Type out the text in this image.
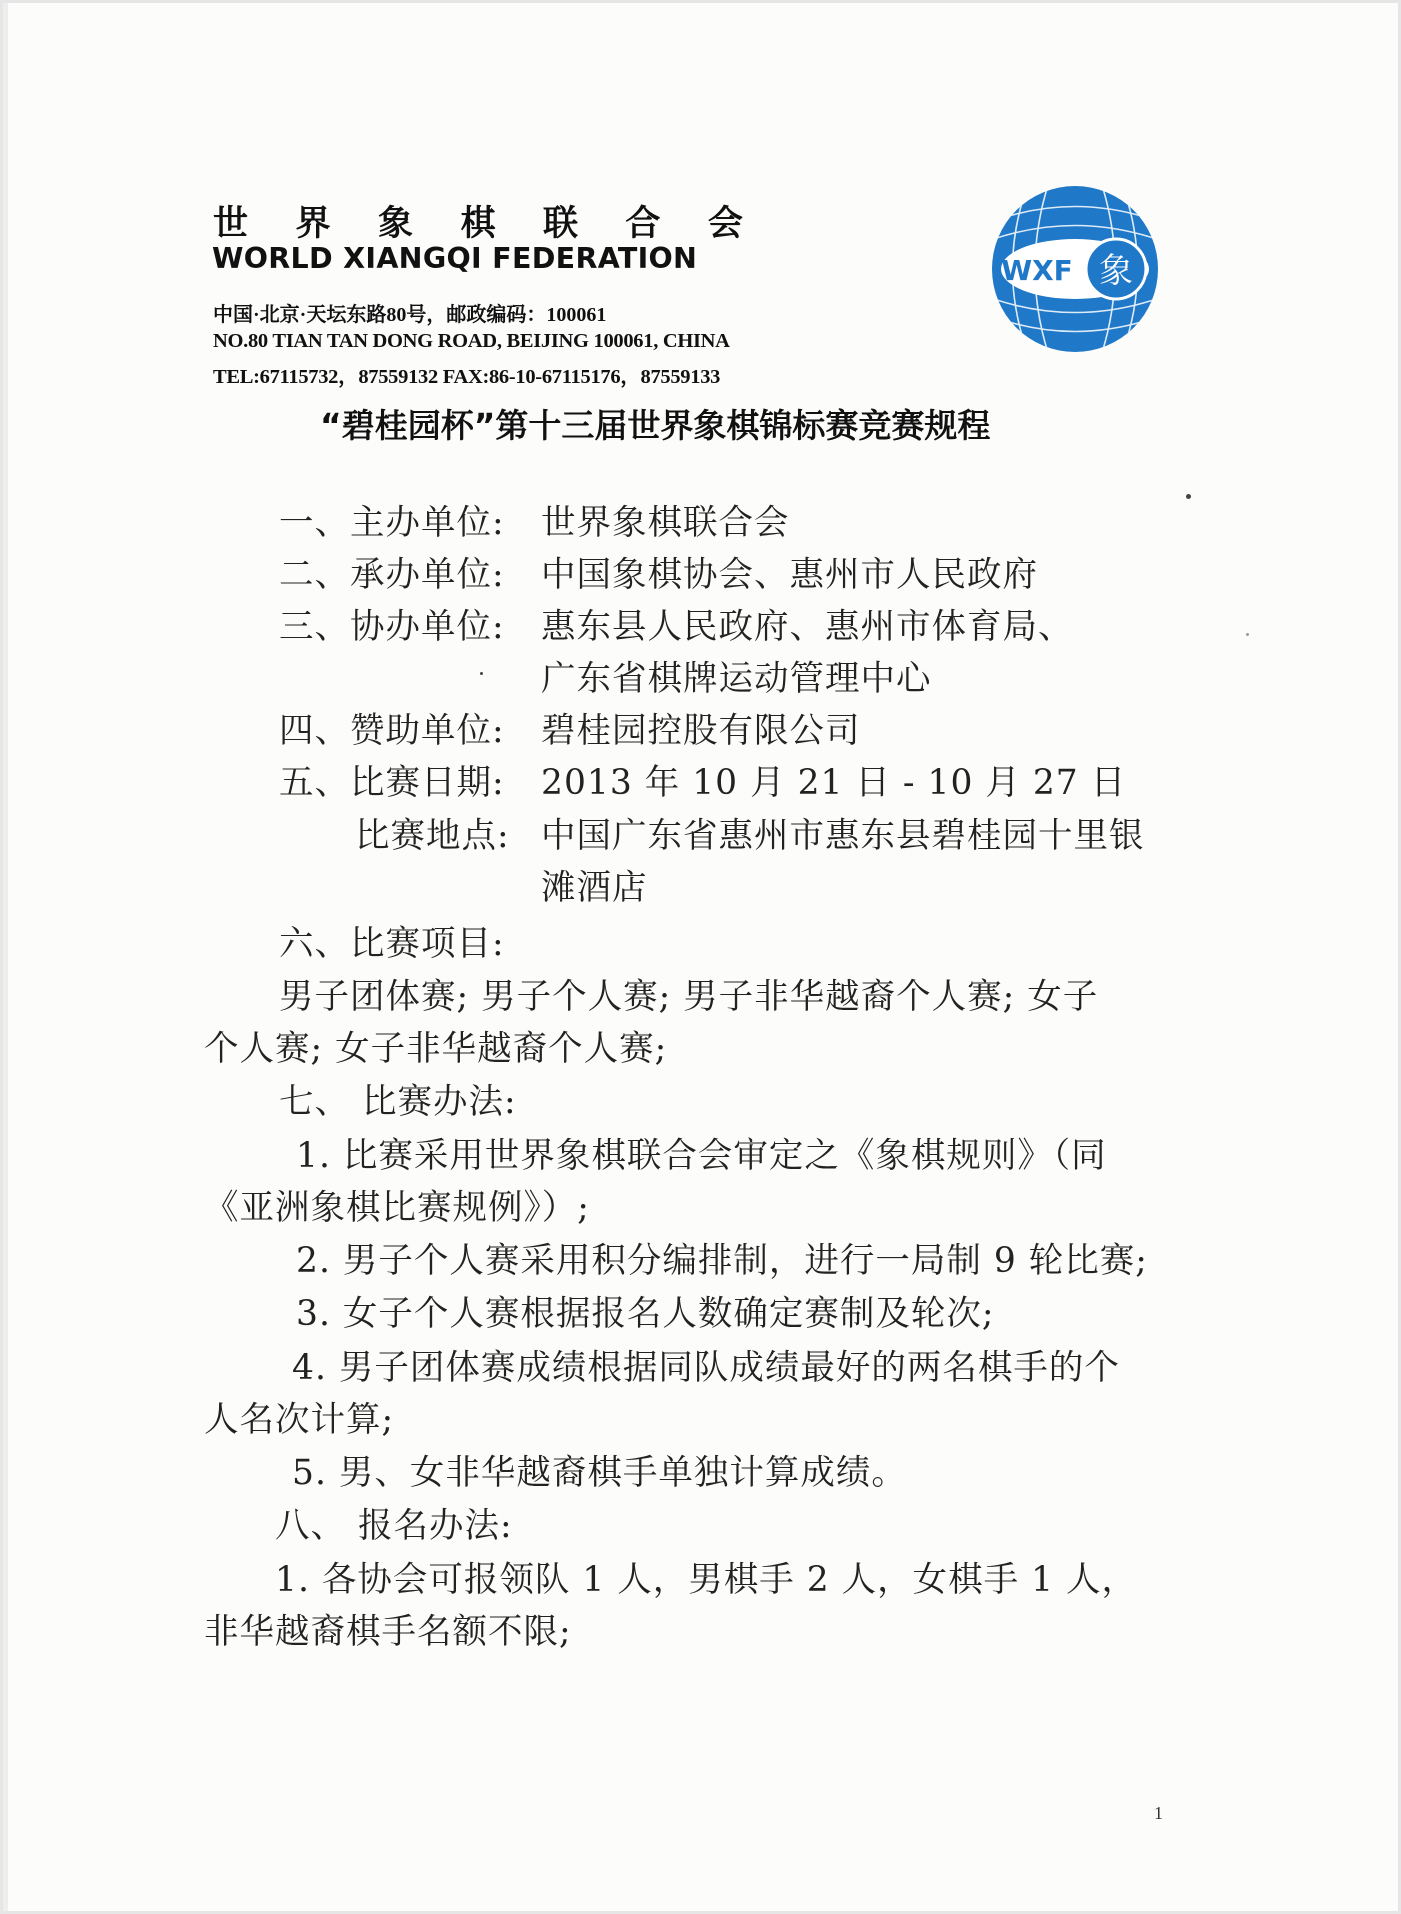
世 界 象 棋 联 合 会
WORLD XIANGQI FEDERATION
中国·北京·天坛东路80号，邮政编码：100061
NO.80 TIAN TAN DONG ROAD, BEIJING 100061, CHINA
TEL:67115732，87559132 FAX:86-10-67115176，87559133
WXF 象
“碧桂园杯”第十三届世界象棋锦标赛竞赛规程
一、主办单位: 世界象棋联合会
二、承办单位: 中国象棋协会、惠州市人民政府
三、协办单位: 惠东县人民政府、惠州市体育局、
广东省棋牌运动管理中心
四、赞助单位: 碧桂园控股有限公司
五、比赛日期: 2013 年 10 月 21 日 - 10 月 27 日
比赛地点: 中国广东省惠州市惠东县碧桂园十里银
滩酒店
六、比赛项目:
男子团体赛; 男子个人赛; 男子非华越裔个人赛; 女子
个人赛; 女子非华越裔个人赛;
七、 比赛办法:
1. 比赛采用世界象棋联合会审定之《象棋规则》（同
《亚洲象棋比赛规例》）;
2. 男子个人赛采用积分编排制，进行一局制 9 轮比赛;
3. 女子个人赛根据报名人数确定赛制及轮次;
4. 男子团体赛成绩根据同队成绩最好的两名棋手的个
人名次计算;
5. 男、女非华越裔棋手单独计算成绩。
八、 报名办法:
1. 各协会可报领队 1 人，男棋手 2 人，女棋手 1 人，
非华越裔棋手名额不限;
1
